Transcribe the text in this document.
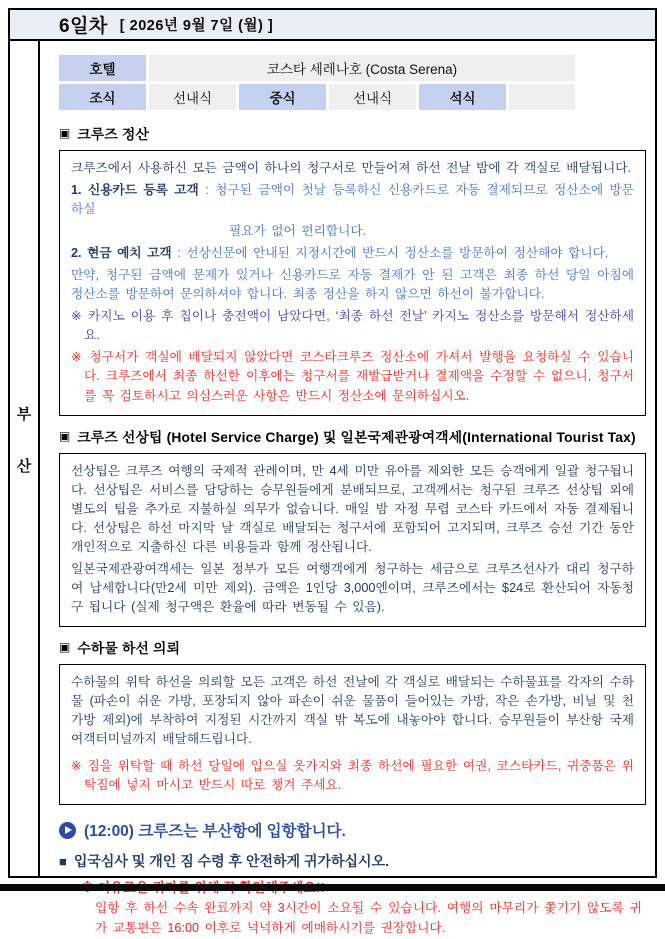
6일차 [ 2026년 9월 7일 (월) ]
부
산
호텔	코스타 세레나호 (Costa Serena)
조식	선내식	중식	선내식	석식
▣ 크루즈 정산

크루즈에서 사용하신 모든 금액이 하나의 청구서로 만들어져 하선 전날 밤에 각 객실로 배달됩니다.

1. 신용카드 등록 고객 : 청구된 금액이 첫날 등록하신 신용카드로 자동 결제되므로 정산소에 방문하실

필요가 없어 편리합니다.

2. 현금 예치 고객 : 선상신문에 안내된 지정시간에 반드시 정산소를 방문하여 정산해야 합니다.

만약, 청구된 금액에 문제가 있거나 신용카드로 자동 결제가 안 된 고객은 최종 하선 당일 아침에 정산소를 방문하여 문의하셔야 합니다. 최종 정산을 하지 않으면 하선이 불가합니다.

※ 카지노 이용 후 칩이나 충전액이 남았다면, ‘최종 하선 전날’ 카지노 정산소를 방문해서 정산하세요.

※ 청구서가 객실에 배달되지 않았다면 코스타크루즈 정산소에 가셔서 발행을 요청하실 수 있습니다. 크루즈에서 최종 하선한 이후에는 청구서를 재발급받거나 결제액을 수정할 수 없으니, 청구서를 꼭 검토하시고 의심스러운 사항은 반드시 정산소에 문의하십시오.

▣ 크루즈 선상팁 (Hotel Service Charge) 및 일본국제관광여객세(International Tourist Tax)

선상팁은 크루즈 여행의 국제적 관례이며, 만 4세 미만 유아를 제외한 모든 승객에게 일괄 청구됩니다. 선상팁은 서비스를 담당하는 승무원들에게 분배되므로, 고객께서는 청구된 크루즈 선상팁 외에 별도의 팁을 추가로 지불하실 의무가 없습니다. 매일 밤 자정 무렵 코스타 카드에서 자동 결제됩니다. 선상팁은 하선 마지막 날 객실로 배달되는 청구서에 포함되어 고지되며, 크루즈 승선 기간 동안 개인적으로 지출하신 다른 비용들과 함께 정산됩니다.

일본국제관광여객세는 일본 정부가 모든 여행객에게 청구하는 세금으로 크루즈선사가 대리 청구하여 납세합니다(만2세 미만 제외). 금액은 1인당 3,000엔이며, 크루즈에서는 $24로 환산되어 자동청구 됩니다 (실제 청구액은 환율에 따라 변동될 수 있음).

▣ 수하물 하선 의뢰

수하물의 위탁 하선을 의뢰할 모든 고객은 하선 전날에 각 객실로 배달되는 수하물표를 각자의 수하물 (파손이 쉬운 가방, 포장되지 않아 파손이 쉬운 물품이 들어있는 가방, 작은 손가방, 비닐 및 천 가방 제외)에 부착하여 지정된 시간까지 객실 밖 복도에 내놓아야 합니다. 승무원들이 부산항 국제여객터미널까지 배달해드립니다.

※ 짐을 위탁할 때 하선 당일에 입으실 옷가지와 최종 하선에 필요한 여권, 코스타카드, 귀중품은 위탁짐에 넣지 마시고 반드시 따로 챙겨 주세요.

(12:00) 크루즈는 부산항에 입항합니다.
■ 입국심사 및 개인 짐 수령 후 안전하게 귀가하십시오.
입항 후 하선 수속 완료까지 약 3시간이 소요될 수 있습니다. 여행의 마무리가 쫓기기 않도록 귀가 교통편은 16:00 이후로 넉넉하게 예매하시기를 권장합니다.
